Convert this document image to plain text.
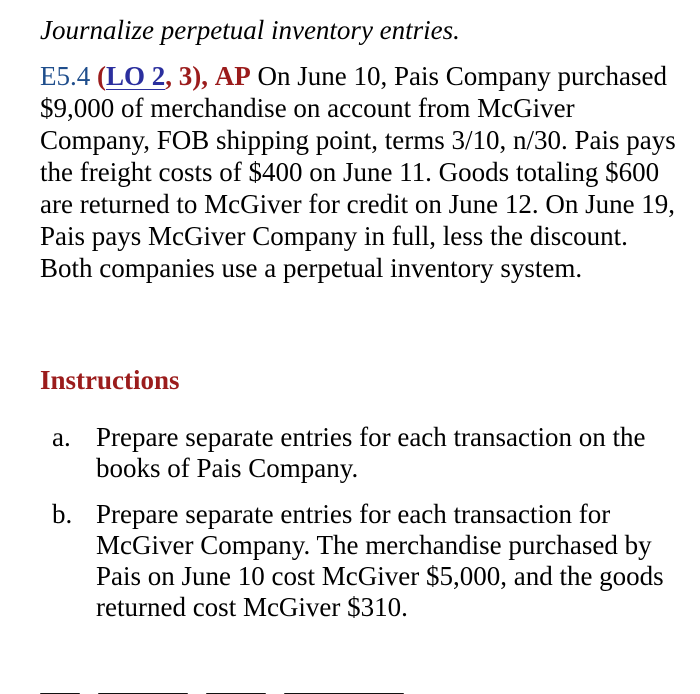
Journalize perpetual inventory entries.
E5.4 (LO 2, 3), AP On June 10, Pais Company purchased $9,000 of merchandise on account from McGiver Company, FOB shipping point, terms 3/10, n/30. Pais pays the freight costs of $400 on June 11. Goods totaling $600 are returned to McGiver for credit on June 12. On June 19, Pais pays McGiver Company in full, less the discount. Both companies use a perpetual inventory system.
Instructions
a. Prepare separate entries for each transaction on the books of Pais Company.
b. Prepare separate entries for each transaction for McGiver Company. The merchandise purchased by Pais on June 10 cost McGiver $5,000, and the goods returned cost McGiver $310.
